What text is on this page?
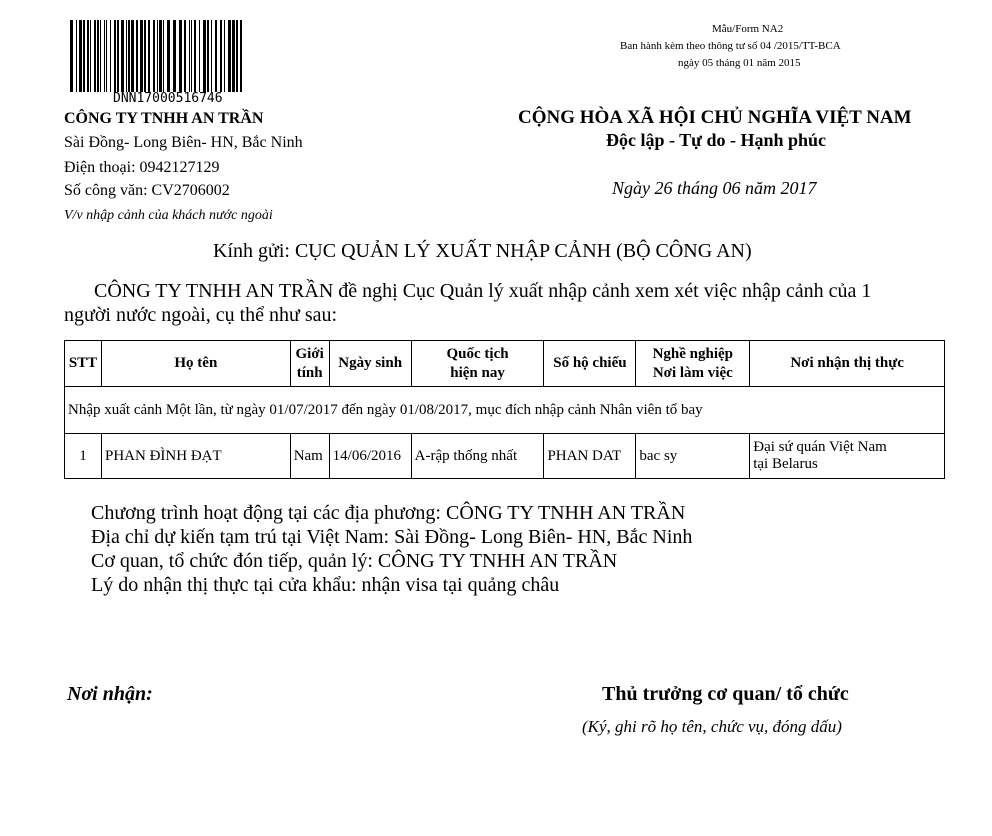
DNN17000516746
Mẫu/Form NA2
Ban hành kèm theo thông tư số 04 /2015/TT-BCA
ngày 05 tháng 01 năm 2015
CÔNG TY TNHH AN TRẦN
Sài Đồng- Long Biên- HN, Bắc Ninh
Điện thoại: 0942127129
Số công văn: CV2706002
V/v nhập cảnh của khách nước ngoài
CỘNG HÒA XÃ HỘI CHỦ NGHĨA VIỆT NAM
Độc lập - Tự do - Hạnh phúc
Ngày 26 tháng 06 năm 2017
Kính gửi: CỤC QUẢN LÝ XUẤT NHẬP CẢNH (BỘ CÔNG AN)
CÔNG TY TNHH AN TRẦN đề nghị Cục Quản lý xuất nhập cảnh xem xét việc nhập cảnh của 1
người nước ngoài, cụ thể như sau:
STT	Họ tên	Giới
tính	Ngày sinh	Quốc tịch
hiện nay	Số hộ chiếu	Nghề nghiệp
Nơi làm việc	Nơi nhận thị thực
Nhập xuất cảnh Một lần, từ ngày 01/07/2017 đến ngày 01/08/2017, mục đích nhập cảnh Nhân viên tổ bay							
1	PHAN ĐÌNH ĐẠT	Nam	14/06/2016	A-rập thống nhất	PHAN DAT	bac sy	Đại sứ quán Việt Nam
tại Belarus
Chương trình hoạt động tại các địa phương: CÔNG TY TNHH AN TRẦN
Địa chỉ dự kiến tạm trú tại Việt Nam: Sài Đồng- Long Biên- HN, Bắc Ninh
Cơ quan, tổ chức đón tiếp, quản lý: CÔNG TY TNHH AN TRẦN
Lý do nhận thị thực tại cửa khẩu: nhận visa tại quảng châu
Nơi nhận:	Thủ trưởng cơ quan/ tổ chức
(Ký, ghi rõ họ tên, chức vụ, đóng dấu)
